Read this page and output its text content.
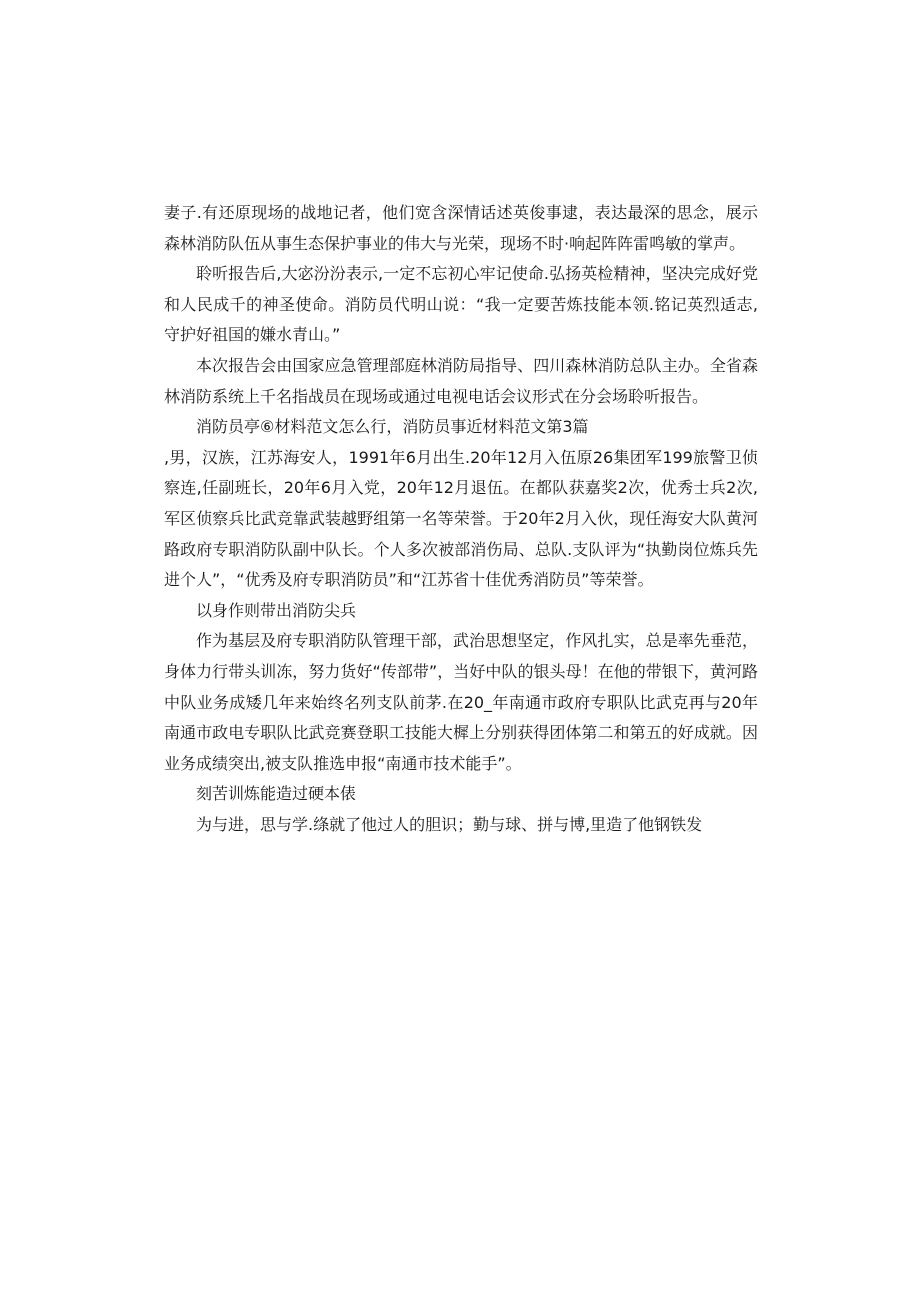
妻子.有还原现场的战地记者，他们宽含深情话述英俊事逮，表达最深的思念，展示森林消防队伍从事生态保护事业的伟大与光荣，现场不时·响起阵阵雷鸣敏的掌声。

聆听报告后,大宓汾汾表示,一定不忘初心牢记使命.弘扬英检精神，坚决完成好党和人民成千的神圣使命。消防员代明山说：“我一定要苦炼技能本领.铭记英烈适志,守护好祖国的嫌水青山。”

本次报告会由国家应急管理部庭林消防局指导、四川森林消防总队主办。全省森林消防系统上千名指战员在现场或通过电视电话会议形式在分会场聆听报告。

消防员亭⑥材料范文怎么行，消防员事近材料范文第3篇

,男，汉族，江苏海安人，1991年6月出生.20年12月入伍原26集团军199旅警卫侦察连,任副班长，20年6月入党，20年12月退伍。在都队获嘉奖2次，优秀士兵2次,军区侦察兵比武竞靠武装越野组第一名等荣誉。于20年2月入伙，现任海安大队黄河路政府专职消防队副中队长。个人多次被部消伤局、总队.支队评为“执勤岗位炼兵先进个人”，“优秀及府专职消防员”和“江苏省十佳优秀消防员”等荣誉。

以身作则带出消防尖兵

作为基层及府专职消防队管理干部，武治思想坚定，作风扎实，总是率先垂范，身体力行带头训冻，努力货好“传部带”，当好中队的银头母！在他的带银下，黄河路中队业务成矮几年来始终名列支队前茅.在20_年南通市政府专职队比武克再与20年南通市政电专职队比武竞赛登职工技能大樨上分别获得团体第二和第五的好成就。因业务成绩突出,被支队推选申报“南通市技术能手”。

刻苦训炼能造过硬本俵

为与进，思与学.绦就了他过人的胆识；勤与球、拼与博,里造了他钢铁发
